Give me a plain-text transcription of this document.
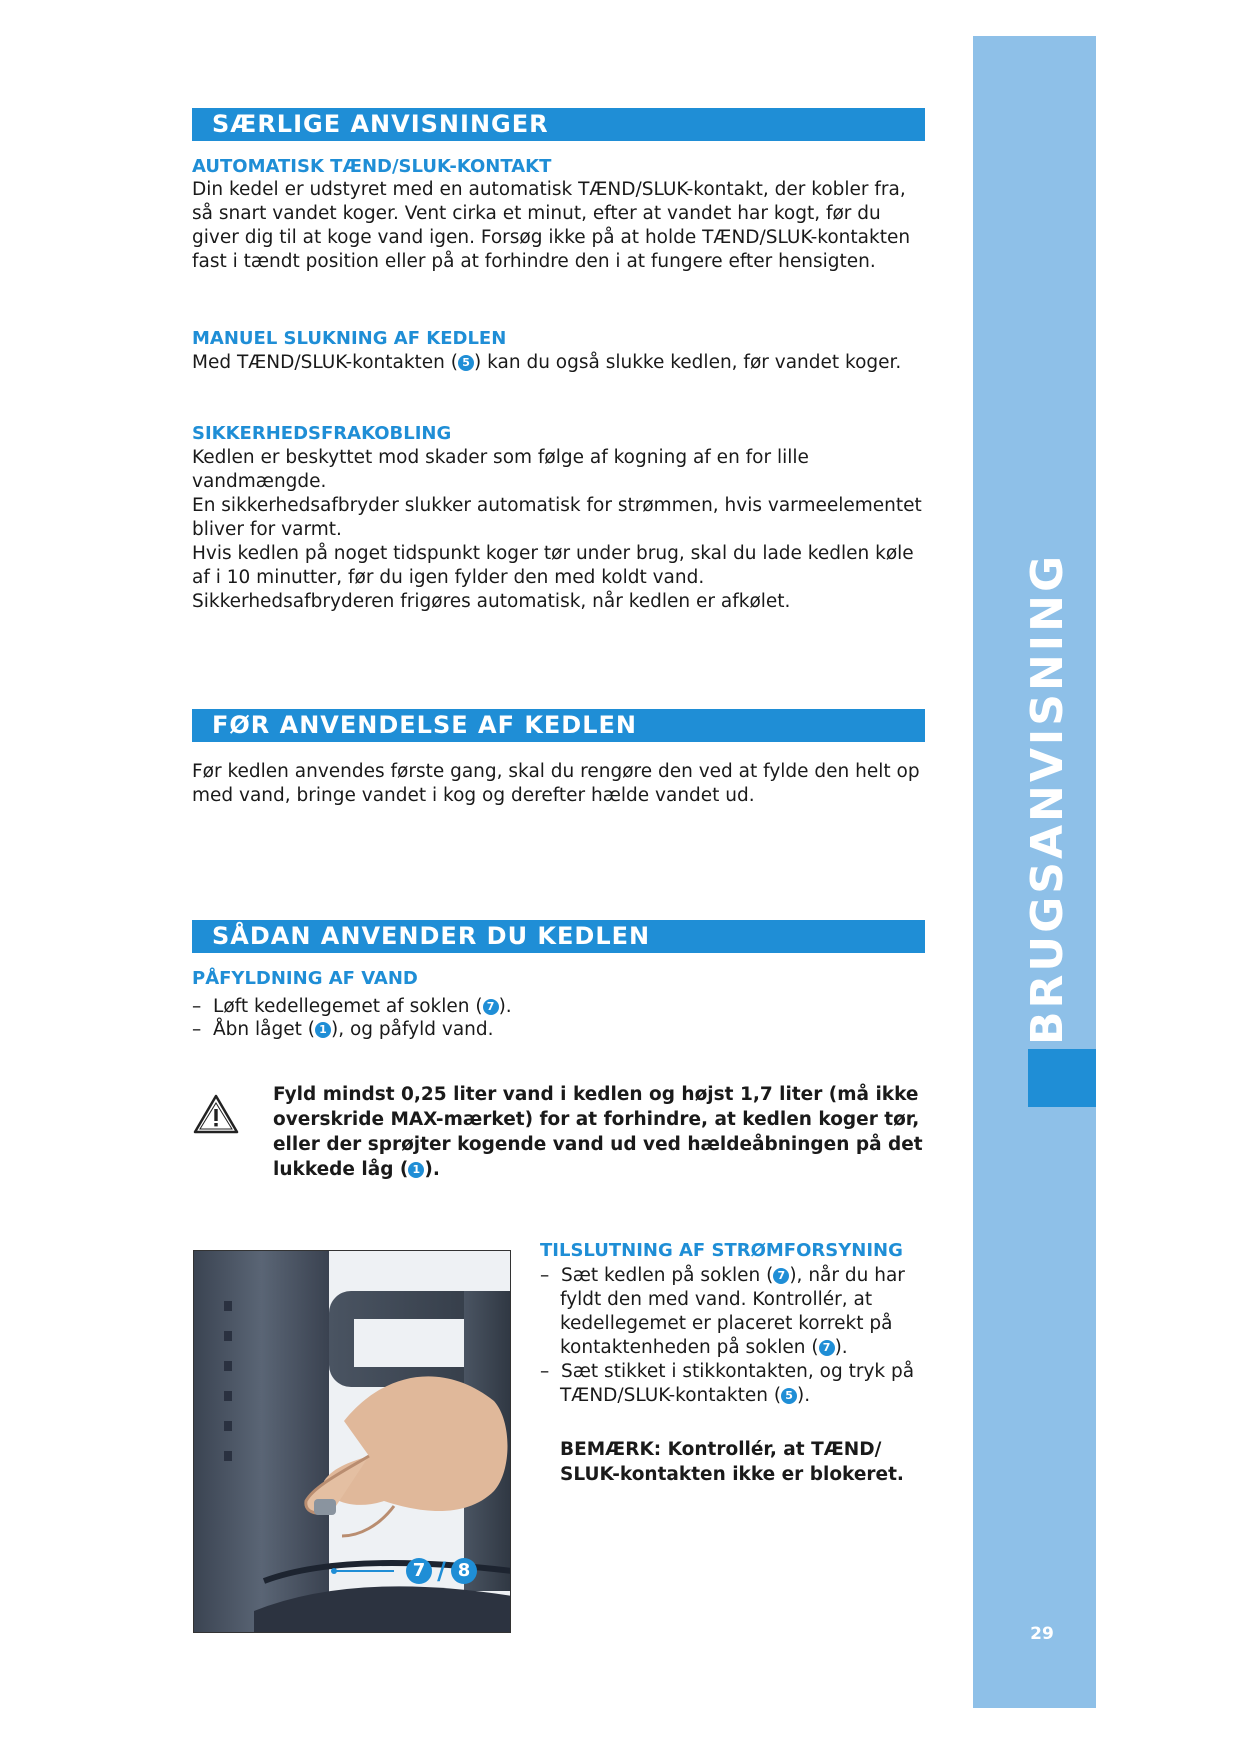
BRUGSANVISNING
29
SÆRLIGE ANVISNINGER
AUTOMATISK TÆND/SLUK-KONTAKT
Din kedel er udstyret med en automatisk TÆND/SLUK-kontakt, der kobler fra,
så snart vandet koger. Vent cirka et minut, efter at vandet har kogt, før du
giver dig til at koge vand igen. Forsøg ikke på at holde TÆND/SLUK-kontakten
fast i tændt position eller på at forhindre den i at fungere efter hensigten.
MANUEL SLUKNING AF KEDLEN
Med TÆND/SLUK-kontakten ( 5 ) kan du også slukke kedlen, før vandet koger.
SIKKERHEDSFRAKOBLING
Kedlen er beskyttet mod skader som følge af kogning af en for lille vandmængde.
En sikkerhedsafbryder slukker automatisk for strømmen, hvis varmeelementet
bliver for varmt.
Hvis kedlen på noget tidspunkt koger tør under brug, skal du lade kedlen køle
af i 10 minutter, før du igen fylder den med koldt vand.
Sikkerhedsafbryderen frigøres automatisk, når kedlen er afkølet.
FØR ANVENDELSE AF KEDLEN
Før kedlen anvendes første gang, skal du rengøre den ved at fylde den helt op
med vand, bringe vandet i kog og derefter hælde vandet ud.
SÅDAN ANVENDER DU KEDLEN
PÅFYLDNING AF VAND
– Løft kedellegemet af soklen ( 7 ).
– Åbn låget ( 1 ), og påfyld vand.
Fyld mindst 0,25 liter vand i kedlen og højst 1,7 liter (må ikke
overskride MAX-mærket) for at forhindre, at kedlen koger tør,
eller der sprøjter kogende vand ud ved hældeåbningen på det
lukkede låg ( 1 ).
7 / 8
TILSLUTNING AF STRØMFORSYNING
– Sæt kedlen på soklen ( 7 ), når du har
fyldt den med vand. Kontrollér, at
kedellegemet er placeret korrekt på
kontaktenheden på soklen ( 7 ).
– Sæt stikket i stikkontakten, og tryk på
TÆND/SLUK-kontakten ( 5 ).
BEMÆRK: Kontrollér, at TÆND/
SLUK-kontakten ikke er blokeret.
